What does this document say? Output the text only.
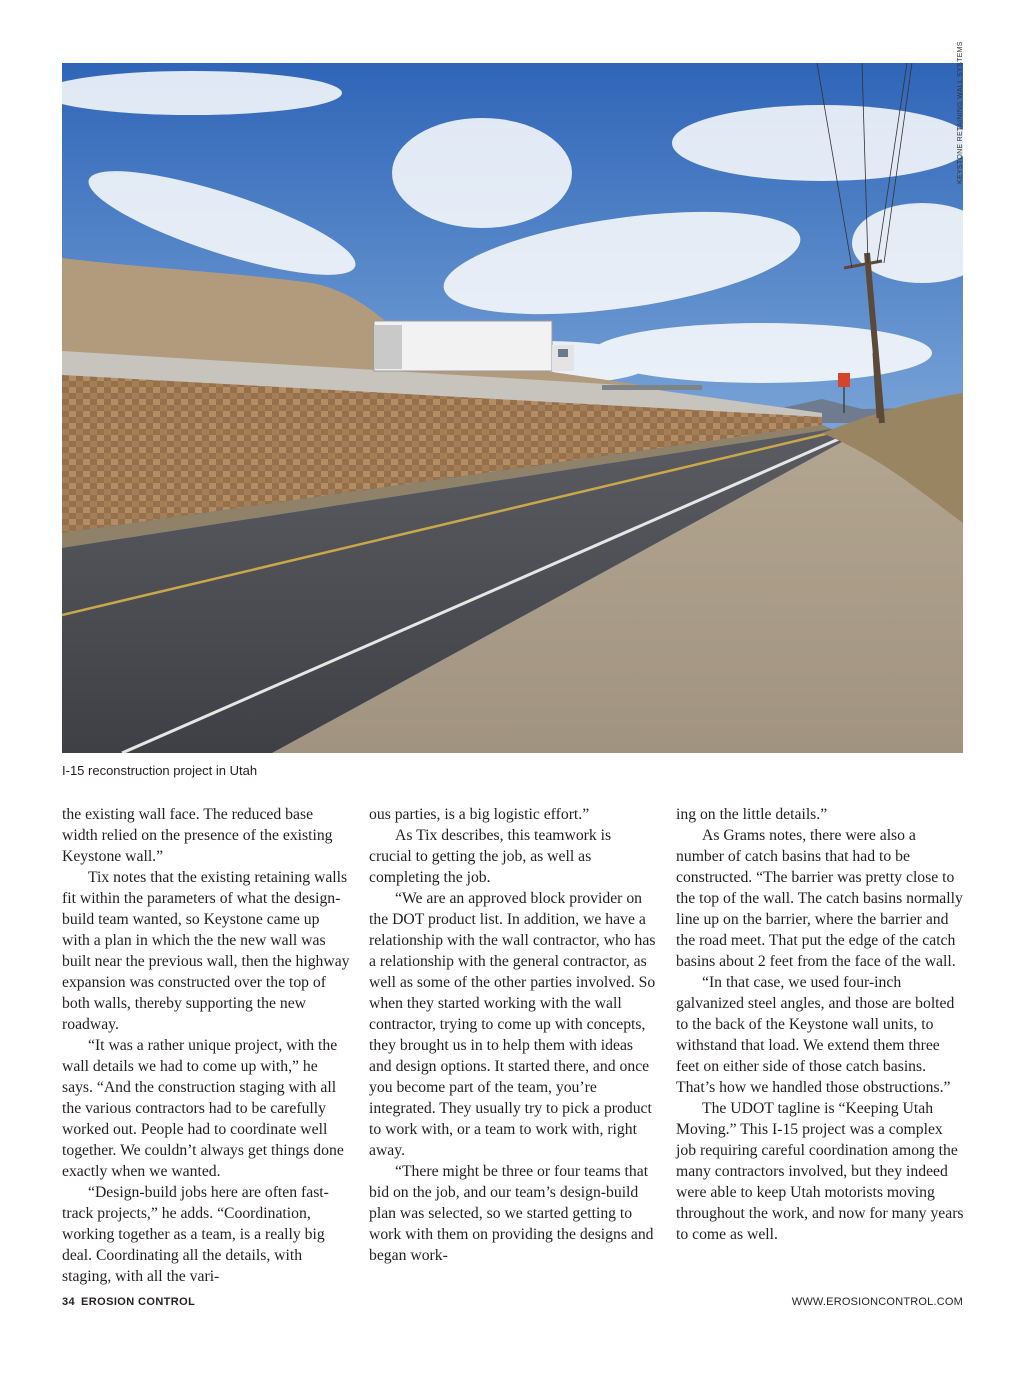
KEYSTONE RETAINING WALL SYSTEMS
I-15 reconstruction project in Utah

the existing wall face. The reduced base width relied on the presence of the existing Keystone wall.”

Tix notes that the existing retaining walls fit within the parameters of what the design-build team wanted, so Keystone came up with a plan in which the the new wall was built near the previous wall, then the highway expansion was constructed over the top of both walls, thereby supporting the new roadway.

“It was a rather unique project, with the wall details we had to come up with,” he says. “And the construction staging with all the various contractors had to be carefully worked out. People had to coordinate well together. We couldn’t always get things done exactly when we wanted.

“Design-build jobs here are often fast-track projects,” he adds. “Coordination, working together as a team, is a really big deal. Coordinating all the details, with staging, with all the vari-

ous parties, is a big logistic effort.”

As Tix describes, this teamwork is crucial to getting the job, as well as completing the job.

“We are an approved block provider on the DOT product list. In addition, we have a relationship with the wall contractor, who has a relationship with the general contractor, as well as some of the other parties involved. So when they started working with the wall contractor, trying to come up with concepts, they brought us in to help them with ideas and design options. It started there, and once you become part of the team, you’re integrated. They usually try to pick a product to work with, or a team to work with, right away.

“There might be three or four teams that bid on the job, and our team’s design-build plan was selected, so we started getting to work with them on providing the designs and began work-

ing on the little details.”

As Grams notes, there were also a number of catch basins that had to be constructed. “The barrier was pretty close to the top of the wall. The catch basins normally line up on the barrier, where the barrier and the road meet. That put the edge of the catch basins about 2 feet from the face of the wall.

“In that case, we used four-inch galvanized steel angles, and those are bolted to the back of the Keystone wall units, to withstand that load. We extend them three feet on either side of those catch basins. That’s how we handled those obstructions.”

The UDOT tagline is “Keeping Utah Moving.” This I-15 project was a complex job requiring careful coordination among the many contractors involved, but they indeed were able to keep Utah motorists moving throughout the work, and now for many years to come as well.

34 EROSION CONTROL	WWW.EROSIONCONTROL.COM
